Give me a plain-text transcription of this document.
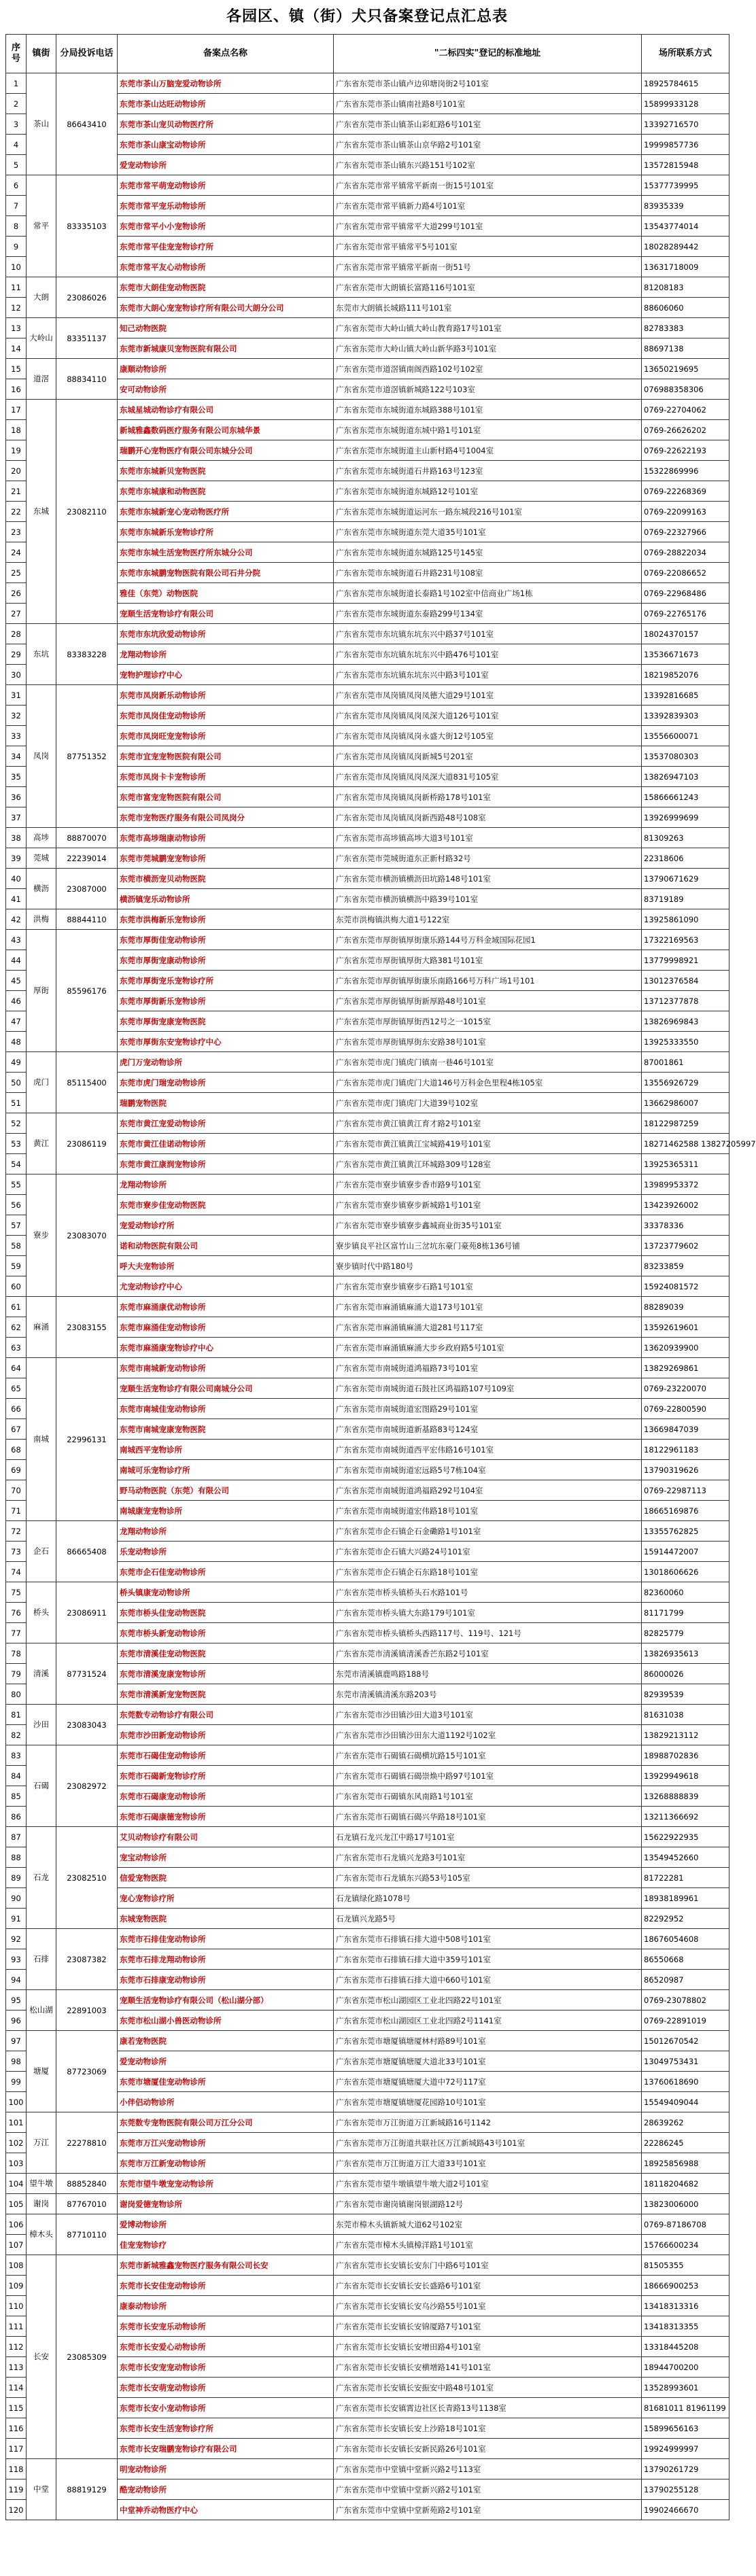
各园区、镇（街）犬只备案登记点汇总表
序号	镇街	分局投诉电话	备案点名称	"二标四实"登记的标准地址	场所联系方式
1	茶山	86643410	东莞市茶山万脑宠爱动物诊所	广东省东莞市茶山镇卢边卯塘岗街2号101室	18925784615
2			东莞市茶山达旺动物诊所	广东省东莞市茶山镇南社路8号101室	15899933128
3			东莞市茶山宠贝动物医疗所	广东省东莞市茶山镇茶山彩虹路6号101室	13392716570
4			东莞市茶山康宝动物诊所	广东省东莞市茶山镇茶山京华路2号101室	19999857736
5			爱宠动物诊所	广东省东莞市茶山镇东兴路151号102室	13572815948
6	常平	83335103	东莞市常平萌宠动物诊所	广东省东莞市常平镇常平新南一街15号101室	15377739995
7			东莞市常平宠乐动物诊所	广东省东莞市常平镇新力路4号101室	83935339
8			东莞市常平小小宠物诊所	广东省东莞市常平镇常平大道299号101室	13543774014
9			东莞市常平佳宠宠物诊疗所	广东省东莞市常平镇常平5号101室	18028289442
10			东莞市常平友心动物诊所	广东省东莞市常平镇常平新南一街51号	13631718009
11	大朗	23086026	东莞市大朗佳宠动物医院	广东省东莞市大朗镇长富路116号101室	81208183
12			东莞市大朗心宠宠物诊疗所有限公司大朗分公司	东莞市大朗镇长城路111号101室	88606060
13	大岭山	83351137	知己动物医院	广东省东莞市大岭山镇大岭山教育路17号101室	82783383
14			东莞市新城康贝宠物医院有限公司	广东省东莞市大岭山镇大岭山新华路3号101室	88697138
15	道滘	88834110	康顺动物诊所	广东省东莞市道滘镇南阁西路102号102室	13650219695
16			安可动物诊所	广东省东莞市道滘镇新城路122号103室	076988358306
17	东城	23082110	东城星城动物诊疗有限公司	广东省东莞市东城街道东城路388号101室	0769-22704062
18			新城雅鑫数码医疗服务有限公司东城华景	广东省东莞市东城街道东城中路1号101室	0769-26626202
19			瑞鹏开心宠物医疗有限公司东城分公司	广东省东莞市东城街道主山新村路4号1004室	0769-22622193
20			东莞市东城新贝宠物医院	广东省东莞市东城街道石井路163号123室	15322869996
21			东莞市东城康和动物医院	广东省东莞市东城街道东城路12号101室	0769-22268369
22			东莞市东城新宠心宠动物医疗所	广东省东莞市东城街道运河东一路东城段216号101室	0769-22099163
23			东莞市东城新乐宠物诊疗所	广东省东莞市东城街道东莞大道35号101室	0769-22327966
24			东莞市东城生活宠物医疗所东城分公司	广东省东莞市东城街道东城路125号145室	0769-28822034
25			东莞市东城鹏宠物医院有限公司石井分院	广东省东莞市东城街道石井路231号108室	0769-22086652
26			雅佳（东莞）动物医院	广东省东莞市东城街道长泰路1号102室中信商业广场1栋	0769-22968486
27			宠顺生活宠物诊疗有限公司	广东省东莞市东城街道东泰路299号134室	0769-22765176
28	东坑	83383228	东莞市东坑欣爱动物诊所	广东省东莞市东坑镇东坑东兴中路37号101室	18024370157
29			龙翔动物诊所	广东省东莞市东坑镇东坑东兴中路476号101室	13536671673
30			宠物护理诊疗中心	广东省东莞市东坑镇东坑东兴中路3号101室	18219852076
31	凤岗	87751352	东莞市凤岗新乐动物诊所	广东省东莞市凤岗镇凤岗凤德大道29号101室	13392816685
32			东莞市凤岗佳宠动物诊所	广东省东莞市凤岗镇凤岗凤深大道126号101室	13392839303
33			东莞市凤岗旺宠宠物诊所	广东省东莞市凤岗镇凤岗永盛大街12号105室	13556600071
34			东莞市宜宠宠物医院有限公司	广东省东莞市凤岗镇凤岗新城5号201室	13537080303
35			东莞市凤岗卡卡宠物诊所	广东省东莞市凤岗镇凤岗凤深大道831号105室	13826947103
36			东莞市富宠宠物医院有限公司	广东省东莞市凤岗镇凤岗新桥路178号101室	15866661243
37			东莞市宠物医疗服务有限公司凤岗分	广东省东莞市凤岗镇凤岗新西路48号108室	13926999699
38	高埗	88870070	东莞市高埗瑞康动物诊所	广东省东莞市高埗镇高埗大道3号101室	81309263
39	莞城	22239014	东莞市莞城鹏宠宠物诊所	广东省东莞市莞城街道东正新村路32号	22318606
40	横沥	23087000	东莞市横沥宠贝动物医院	广东省东莞市横沥镇横沥田坑路148号101室	13790671629
41			横沥镇宠乐动物诊所	广东省东莞市横沥镇横沥中路39号101室	83719189
42	洪梅	88844110	东莞市洪梅新乐宠物诊所	东莞市洪梅镇洪梅大道1号122室	13925861090
43	厚街	85596176	东莞市厚街佳宠动物诊所	广东省东莞市厚街镇厚街康乐路144号万科金域国际花园1	17322169563
44			东莞市厚街宠康动物诊所	广东省东莞市厚街镇厚街大路381号101室	13779998921
45			东莞市厚街宠乐宠物诊疗所	广东省东莞市厚街镇厚街康乐南路166号万科广场1号101	13012376584
46			东莞市厚街新乐宠物诊所	广东省东莞市厚街镇厚街新厚路48号101室	13712377878
47			东莞市厚街宠康宠物医院	广东省东莞市厚街镇厚街西12号之一1015室	13826969843
48			东莞市厚街东安宠物诊疗中心	广东省东莞市厚街镇厚街东安路38号101室	13925333550
49	虎门	85115400	虎门万宠动物诊所	广东省东莞市虎门镇虎门镇南一巷46号101室	87001861
50			东莞市虎门瑞宠动物诊所	广东省东莞市虎门镇虎门大道146号万科金色里程4栋105室	13556926729
51			瑞鹏宠物医院	广东省东莞市虎门镇虎门大道39号102室	13662986007
52	黄江	23086119	东莞市黄江宠爱动物诊所	广东省东莞市黄江镇黄江育才路2号101室	18122987259
53			东莞市黄江佳诺动物诊所	广东省东莞市黄江镇黄江宝城路419号101室	18271462588 13827205997
54			东莞市黄江康润宠物诊所	广东省东莞市黄江镇黄江环城路309号128室	13925365311
55	寮步	23083070	龙翔动物诊所	广东省东莞市寮步镇寮步香市路9号101室	13989953372
56			东莞市寮步佳宠动物医院	广东省东莞市寮步镇寮步新城路1号101室	13423926002
57			宠爱动物诊疗所	广东省东莞市寮步镇寮步鑫城商业街35号101室	33378336
58			诺和动物医院有限公司	寮步镇良平社区富竹山三岔坑东豪门豪苑8栋136号铺	13723779602
59			呼大夫宠物诊所	寮步镇时代中路180号	83233859
60			尤宠动物诊疗中心	广东省东莞市寮步镇寮步石路1号101室	15924081572
61	麻涌	23083155	东莞市麻涌康优动物诊所	广东省东莞市麻涌镇麻涌大道173号101室	88289039
62			东莞市麻涌佳宠动物诊所	广东省东莞市麻涌镇麻涌大道281号117室	13592619601
63			东莞市麻涌康宠物诊疗中心	广东省东莞市麻涌镇麻涌大步乡政府路5号101室	13620939900
64	南城	22996131	东莞市南城新宠动物诊所	广东省东莞市南城街道鸿福路73号101室	13829269861
65			宠顺生活宠物诊疗有限公司南城分公司	广东省东莞市南城街道石鼓社区鸿福路107号109室	0769-23220070
66			东莞市南城佳宠动物诊所	广东省东莞市南城街道宏图路29号101室	0769-22800590
67			东莞市南城宠康宠物医院	广东省东莞市南城街道新基路83号124室	13669847039
68			南城西平宠物诊所	广东省东莞市南城街道西平宏伟路16号101室	18122961183
69			南城可乐宠物诊疗所	广东省东莞市南城街道宏远路5号7栋104室	13790319626
70			野马动物医院（东莞）有限公司	广东省东莞市南城街道鸿福路292号104室	0769-22987113
71			南城康宠宠物诊所	广东省东莞市南城街道宏伟路18号101室	18665169876
72	企石	86665408	龙翔动物诊所	广东省东莞市企石镇企石金磡路1号101室	13355762825
73			乐宠动物诊所	广东省东莞市企石镇大兴路24号101室	15914472007
74			东莞市企石佳宠动物诊所	广东省东莞市企石镇企石东路18号101室	13018606626
75	桥头	23086911	桥头镇康宠动物诊所	广东省东莞市桥头镇桥头石水路101号	82360060
76			东莞市桥头佳宠动物医院	广东省东莞市桥头镇大东路179号101室	81171799
77			东莞市桥头新宠动物诊所	广东省东莞市桥头镇桥头西路117号、119号、121号	82825779
78	清溪	87731524	东莞市清溪佳宠动物医院	广东省东莞市清溪镇清溪香芒东路2号101室	13826935613
79			东莞市清溪宠康宠物诊所	东莞市清溪镇鹿鸣路188号	86000026
80			东莞市清溪新宠宠物医院	东莞市清溪镇清溪东路203号	82939539
81	沙田	23083043	东莞数专动物诊疗有限公司	广东省东莞市沙田镇沙田大道3号101室	81631038
82			东莞市沙田新宠动物诊所	广东省东莞市沙田镇沙田东大道1192号102室	13829213112
83	石碣	23082972	东莞市石碣佳宠动物诊所	广东省东莞市石碣镇石碣横坑路15号101室	18988702836
84			东莞市石碣新宠物诊疗所	广东省东莞市石碣镇石碣崇焕中路97号101室	13929949618
85			东莞市石碣康宠动物诊所	广东省东莞市石碣镇东风南路1号101室	13268888839
86			东莞市石碣康德宠物诊所	广东省东莞市石碣镇石碣兴华路18号101室	13211366692
87	石龙	23082510	艾贝动物诊疗有限公司	石龙镇石龙兴龙江中路17号101室	15622922935
88			宠宝动物诊所	广东省东莞市石龙镇兴龙路3号101室	13549452660
89			信爱宠物医院	广东省东莞市石龙镇东兴路53号105室	81722281
90			宠心宠物诊疗所	石龙镇绿化路1078号	18938189961
91			东城宠物医院	石龙镇兴龙路5号	82292952
92	石排	23087382	东莞市石排佳宠动物诊所	广东省东莞市石排镇石排大道中508号101室	18676054608
93			东莞市石排龙翔动物诊所	广东省东莞市石排镇石排大道中359号101室	86550668
94			东莞市石排康宠动物诊所	广东省东莞市石排镇石排大道中660号101室	86520987
95	松山湖	22891003	宠顺生活宠物诊疗有限公司（松山湖分部）	广东省东莞市松山湖园区工业北四路22号101室	0769-23078802
96			东莞市松山湖小兽医动物诊所	广东省东莞市松山湖园区工业北四路2号1141室	0769-22891019
97	塘厦	87723069	康若宠物医院	广东省东莞市塘厦镇塘厦林村路89号101室	15012670542
98			爱宠动物诊所	广东省东莞市塘厦镇塘厦大道北33号101室	13049753431
99			东莞市塘厦佳宠动物诊所	广东省东莞市塘厦镇塘厦大道中72号117室	13760618690
100			小伴侣动物诊所	广东省东莞市塘厦镇塘厦花园路10号101室	15549409044
101	万江	22278810	东莞数专宠物医院有限公司万江分公司	广东省东莞市万江街道万江新城路16号1142	28639262
102			东莞市万江兴宠动物诊所	广东省东莞市万江街道共联社区万江新城路43号101室	22286245
103			东莞市万江新宠动物诊所	广东省东莞市万江街道万江大道33号101室	18925856988
104	望牛墩	88852840	东莞市望牛墩宠宠动物诊所	广东省东莞市望牛墩镇望牛墩大道2号101室	18118204682
105	谢岗	87767010	谢岗爱德宠物诊所	广东省东莞市谢岗镇谢岗银湖路12号	13823006000
106	樟木头	87710110	爱博动物诊所	东莞市樟木头镇新城大道62号102室	0769-87186708
107			佳宠宠物诊疗	广东省东莞市樟木头镇樟洋路1号101室	15766600234
108	长安	23085309	东莞市新城雅鑫宠物医疗服务有限公司长安	广东省东莞市长安镇长安东门中路6号101室	81505355
109			东莞市长安佳宠动物诊所	广东省东莞市长安镇长安长盛路6号101室	18666900253
110			康泰动物诊所	广东省东莞市长安镇长安乌沙路55号101室	13418313316
111			东莞市长安宠乐动物诊所	广东省东莞市长安镇长安锦厦路7号101室	13418313355
112			东莞市长安爱心动物诊所	广东省东莞市长安镇长安增田路4号101室	13318445208
113			东莞市长安宠宠动物诊所	广东省东莞市长安镇长安横增路141号101室	18944700200
114			东莞市长安萌宠动物诊所	广东省东莞市长安镇长安振安中路48号101室	13528993601
115			东莞市长安小宠动物诊所	广东省东莞市长安镇霄边社区长青路13号1138室	81681011 81961199
116			东莞市长安生活宠物诊疗所	广东省东莞市长安镇长安上沙路18号101室	15899656163
117			东莞市长安瑞鹏宠物诊疗有限公司	广东省东莞市长安镇长安新民路26号101室	19924999997
118	中堂	88819129	明宠动物诊所	广东省东莞市中堂镇中堂新兴路2号113室	13790261729
119			酷宠动物诊所	广东省东莞市中堂镇中堂新兴路2号101室	13790255128
120			中堂神乔动物医疗中心	广东省东莞市中堂镇中堂新苑路2号101室	19902466670
